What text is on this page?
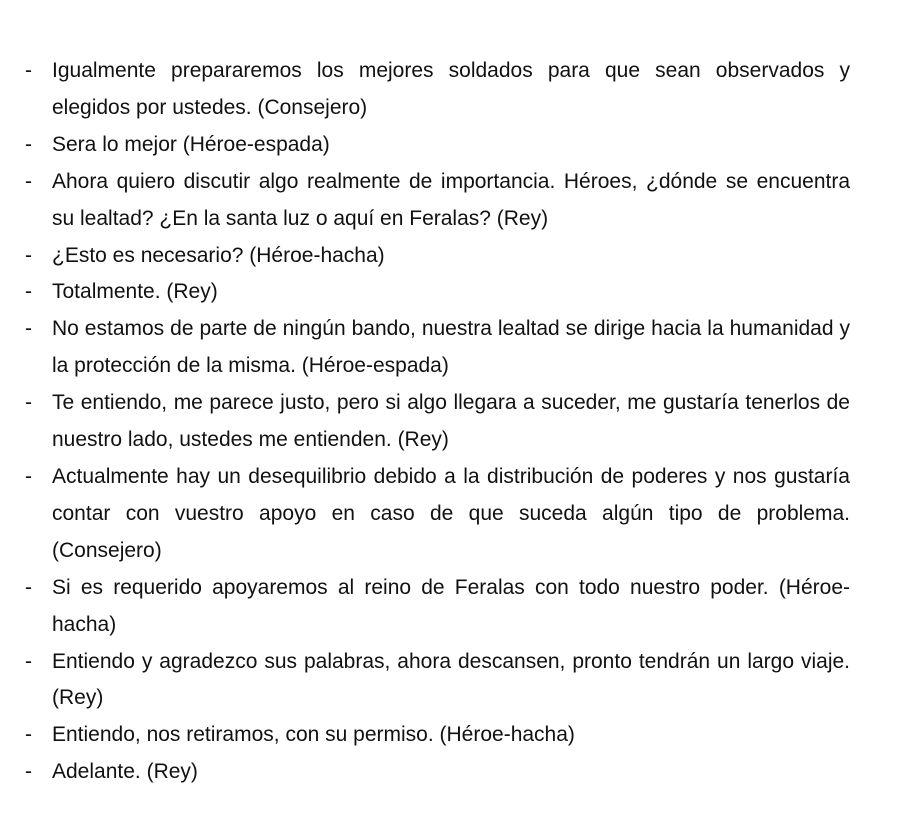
- Igualmente prepararemos los mejores soldados para que sean observados y elegidos por ustedes. (Consejero)
- Sera lo mejor (Héroe-espada)
- Ahora quiero discutir algo realmente de importancia. Héroes, ¿dónde se encuentra su lealtad? ¿En la santa luz o aquí en Feralas? (Rey)
- ¿Esto es necesario? (Héroe-hacha)
- Totalmente. (Rey)
- No estamos de parte de ningún bando, nuestra lealtad se dirige hacia la humanidad y la protección de la misma. (Héroe-espada)
- Te entiendo, me parece justo, pero si algo llegara a suceder, me gustaría tenerlos de nuestro lado, ustedes me entienden. (Rey)
- Actualmente hay un desequilibrio debido a la distribución de poderes y nos gustaría contar con vuestro apoyo en caso de que suceda algún tipo de problema. (Consejero)
- Si es requerido apoyaremos al reino de Feralas con todo nuestro poder. (Héroe-hacha)
- Entiendo y agradezco sus palabras, ahora descansen, pronto tendrán un largo viaje. (Rey)
- Entiendo, nos retiramos, con su permiso. (Héroe-hacha)
- Adelante. (Rey)
